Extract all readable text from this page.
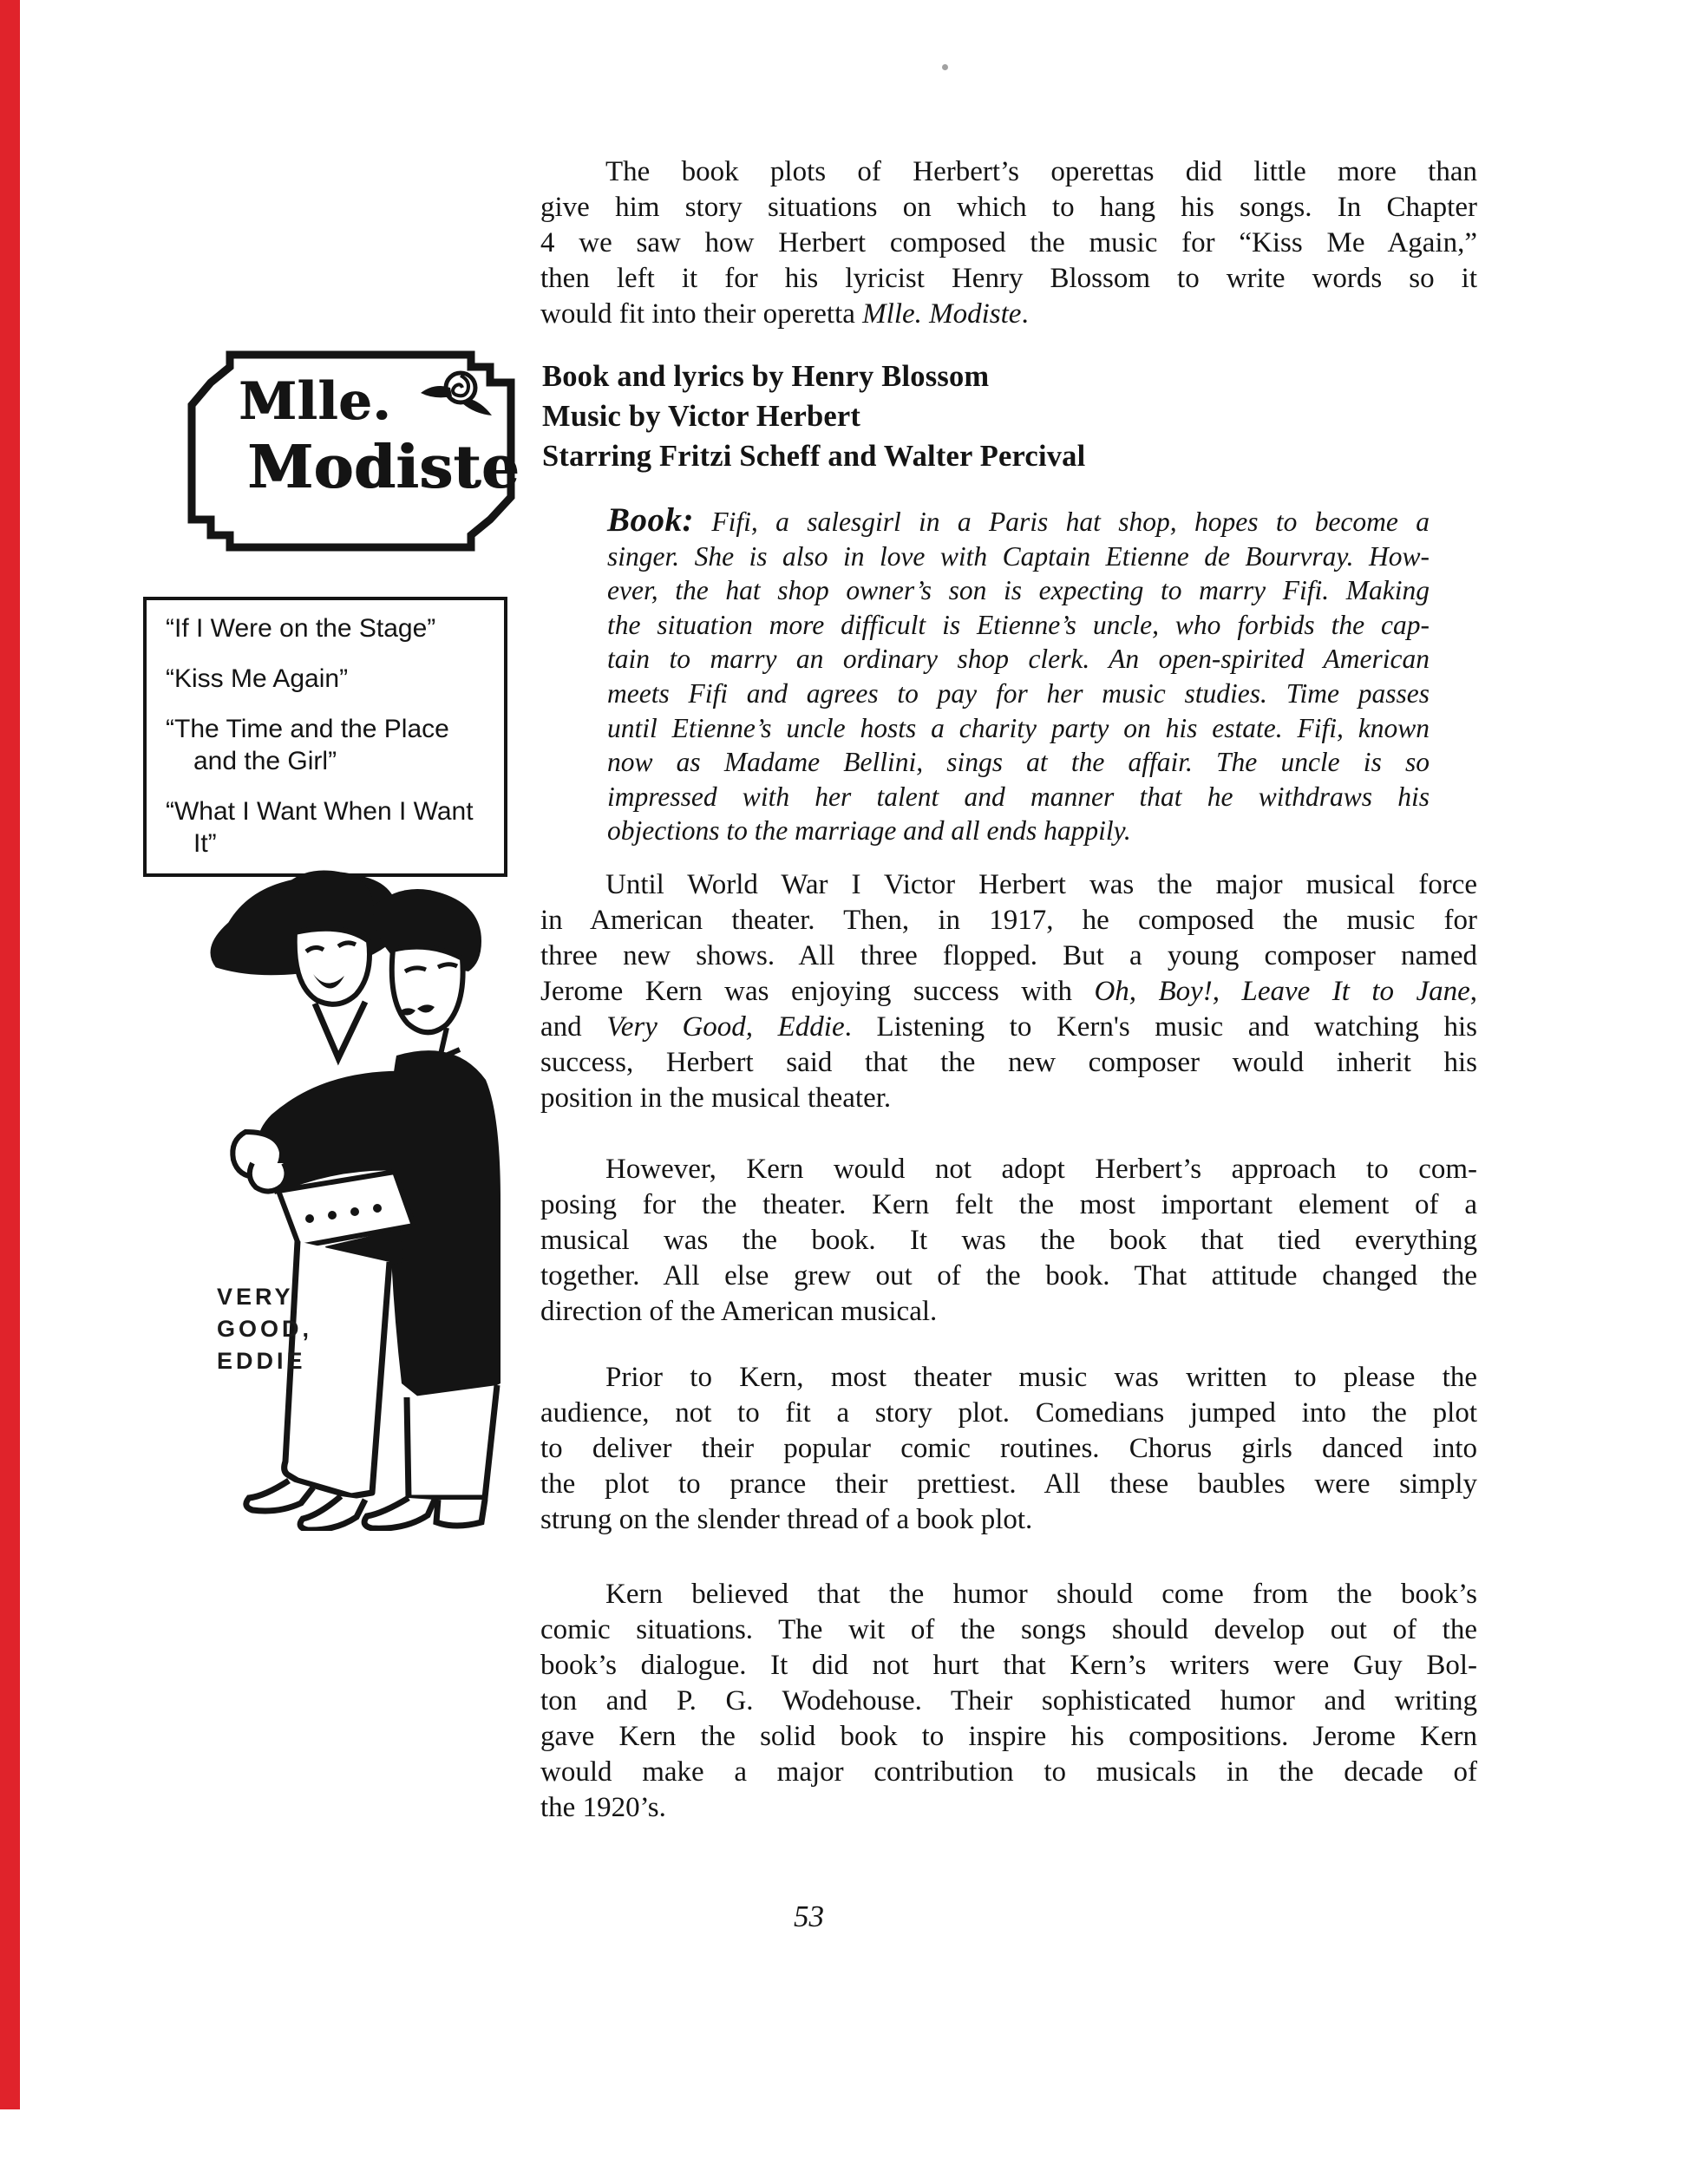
The book plots of Herbert’s operettas did little more than
give him story situations on which to hang his songs. In Chapter
4 we saw how Herbert composed the music for “Kiss Me Again,”
then left it for his lyricist Henry Blossom to write words so it
would fit into their operetta Mlle. Modiste.
Mlle.
Modiste
Book and lyrics by Henry Blossom
Music by Victor Herbert
Starring Fritzi Scheff and Walter Percival
Book: Fifi, a salesgirl in a Paris hat shop, hopes to become a
singer. She is also in love with Captain Etienne de Bourvray. How-
ever, the hat shop owner’s son is expecting to marry Fifi. Making
the situation more difficult is Etienne’s uncle, who forbids the cap-
tain to marry an ordinary shop clerk. An open-spirited American
meets Fifi and agrees to pay for her music studies. Time passes
until Etienne’s uncle hosts a charity party on his estate. Fifi, known
now as Madame Bellini, sings at the affair. The uncle is so
impressed with her talent and manner that he withdraws his
objections to the marriage and all ends happily.
“If I Were on the Stage”
“Kiss Me Again”
“The Time and the Place and the Girl”
“What I Want When I Want It”
VERY
GOOD,
EDDIE
Until World War I Victor Herbert was the major musical force
in American theater. Then, in 1917, he composed the music for
three new shows. All three flopped. But a young composer named
Jerome Kern was enjoying success with Oh, Boy!, Leave It to Jane,
and Very Good, Eddie. Listening to Kern's music and watching his
success, Herbert said that the new composer would inherit his
position in the musical theater.
However, Kern would not adopt Herbert’s approach to com-
posing for the theater. Kern felt the most important element of a
musical was the book. It was the book that tied everything
together. All else grew out of the book. That attitude changed the
direction of the American musical.
Prior to Kern, most theater music was written to please the
audience, not to fit a story plot. Comedians jumped into the plot
to deliver their popular comic routines. Chorus girls danced into
the plot to prance their prettiest. All these baubles were simply
strung on the slender thread of a book plot.
Kern believed that the humor should come from the book’s
comic situations. The wit of the songs should develop out of the
book’s dialogue. It did not hurt that Kern’s writers were Guy Bol-
ton and P. G. Wodehouse. Their sophisticated humor and writing
gave Kern the solid book to inspire his compositions. Jerome Kern
would make a major contribution to musicals in the decade of
the 1920’s.
53
